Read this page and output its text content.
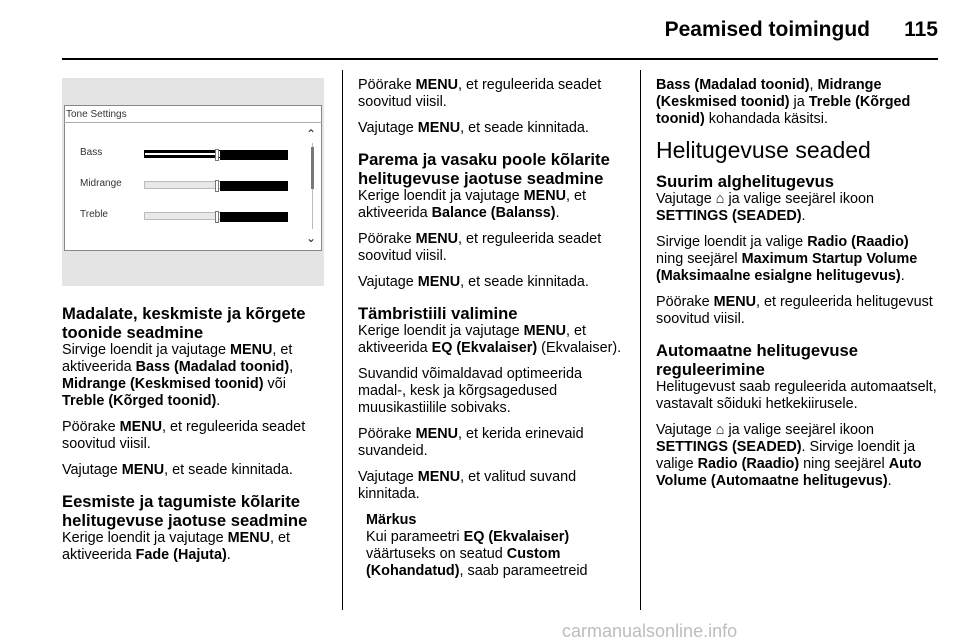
Peamised toimingud 115
Tone Settings
Bass
Midrange
Treble
⌃
⌄
Madalate, keskmiste ja kõrgete toonide seadmine

Sirvige loendit ja vajutage MENU, et aktiveerida Bass (Madalad toonid), Midrange (Keskmised toonid) või Treble (Kõrged toonid).

Pöörake MENU, et reguleerida seadet soovitud viisil.

Vajutage MENU, et seade kinnitada.

Eesmiste ja tagumiste kõlarite helitugevuse jaotuse seadmine

Kerige loendit ja vajutage MENU, et aktiveerida Fade (Hajuta).

Pöörake MENU, et reguleerida seadet soovitud viisil.

Vajutage MENU, et seade kinnitada.

Parema ja vasaku poole kõlarite helitugevuse jaotuse seadmine

Kerige loendit ja vajutage MENU, et aktiveerida Balance (Balanss).

Pöörake MENU, et reguleerida seadet soovitud viisil.

Vajutage MENU, et seade kinnitada.

Tämbristiili valimine

Kerige loendit ja vajutage MENU, et aktiveerida EQ (Ekvalaiser) (Ekvalaiser).

Suvandid võimaldavad optimeerida madal-, kesk ja kõrgsagedused muusikastiilile sobivaks.

Pöörake MENU, et kerida erinevaid suvandeid.

Vajutage MENU, et valitud suvand kinnitada.

Märkus

Kui parameetri EQ (Ekvalaiser) väärtuseks on seatud Custom (Kohandatud), saab parameetreid

Bass (Madalad toonid), Midrange (Keskmised toonid) ja Treble (Kõrged toonid) kohandada käsitsi.

Helitugevuse seaded
Suurim alghelitugevus

Vajutage ⌂ ja valige seejärel ikoon SETTINGS (SEADED).

Sirvige loendit ja valige Radio (Raadio) ning seejärel Maximum Startup Volume (Maksimaalne esialgne helitugevus).

Pöörake MENU, et reguleerida helitugevust soovitud viisil.

Automaatne helitugevuse reguleerimine

Helitugevust saab reguleerida automaatselt, vastavalt sõiduki hetkekiirusele.

Vajutage ⌂ ja valige seejärel ikoon SETTINGS (SEADED). Sirvige loendit ja valige Radio (Raadio) ning seejärel Auto Volume (Automaatne helitugevus).

carmanualsonline.info
